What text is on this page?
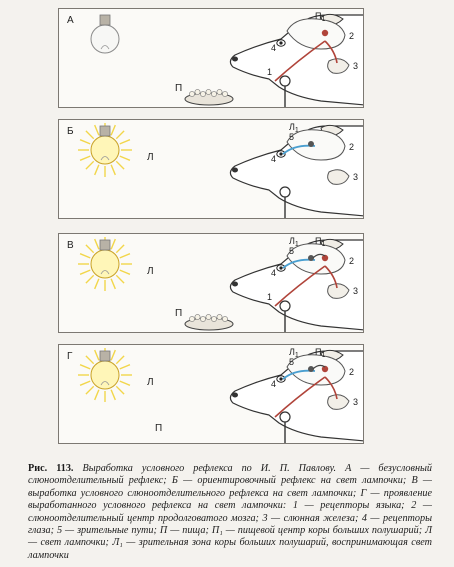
П
А	$П_1$
1
2
3
4
Б
Л
$Л_1$
2
3
4
5
П
В
Л
$П_1$
$Л_1$
1
2
3
4
5
Г
Л
П
$П_1$
$Л_1$
2
3
4
5
Рис. 113. Выработка условного рефлекса по И. П. Павлову. А — безусловный слюноотделительный рефлекс; Б — ориентировочный рефлекс на свет лампочки; В — выработка условного слюноотделительного рефлекса на свет лампочки; Г — проявление выработанного условного рефлекса на свет лампочки: 1 — рецепторы языка; 2 — слюноотделительный центр продолговатого мозга; 3 — слюнная железа; 4 — рецепторы глаза; 5 — зрительные пути; П — пища; П₁ — пищевой центр коры больших полушарий; Л — свет лампочки; Л₁ — зрительная зона коры больших полушарий, воспринимающая свет лампочки
